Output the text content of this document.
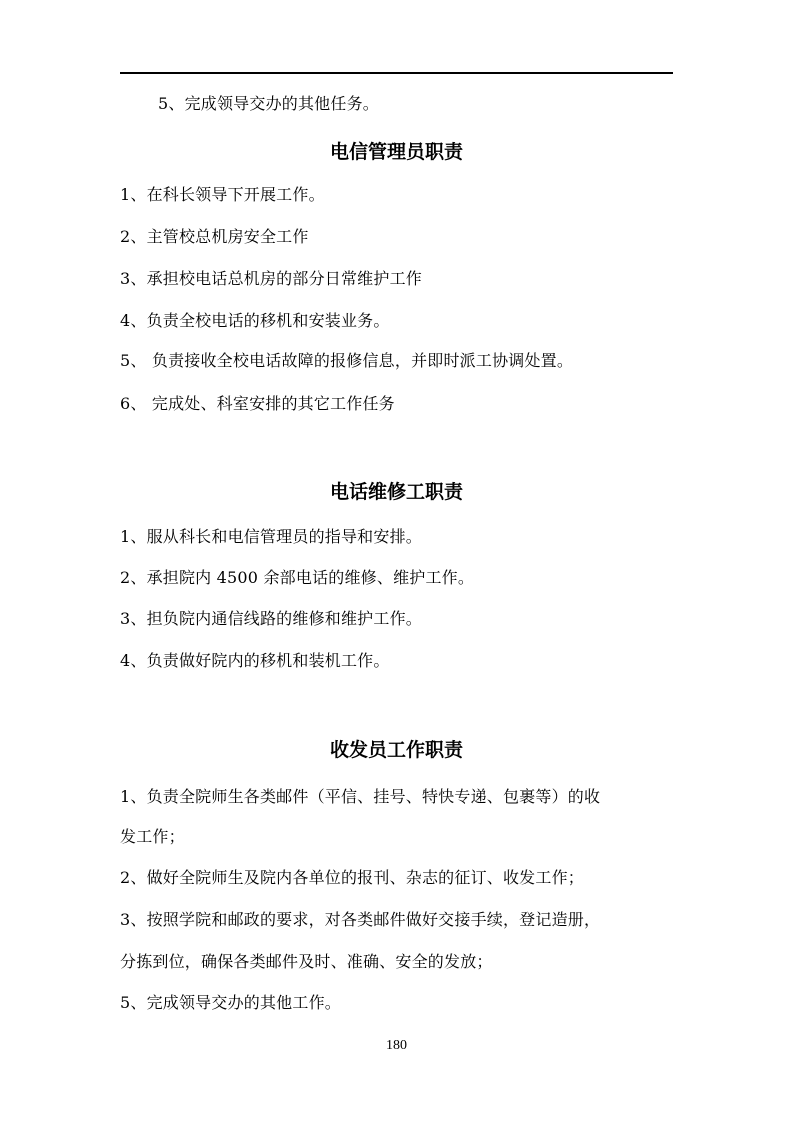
5、完成领导交办的其他任务。
电信管理员职责
1、在科长领导下开展工作。
2、主管校总机房安全工作
3、承担校电话总机房的部分日常维护工作
4、负责全校电话的移机和安装业务。
5、 负责接收全校电话故障的报修信息，并即时派工协调处置。
6、 完成处、科室安排的其它工作任务
电话维修工职责
1、服从科长和电信管理员的指导和安排。
2、承担院内 4500 余部电话的维修、维护工作。
3、担负院内通信线路的维修和维护工作。
4、负责做好院内的移机和装机工作。
收发员工作职责
1、负责全院师生各类邮件（平信、挂号、特快专递、包裹等）的收
发工作；
2、做好全院师生及院内各单位的报刊、杂志的征订、收发工作；
3、按照学院和邮政的要求，对各类邮件做好交接手续，登记造册，
分拣到位，确保各类邮件及时、准确、安全的发放；
5、完成领导交办的其他工作。
180
